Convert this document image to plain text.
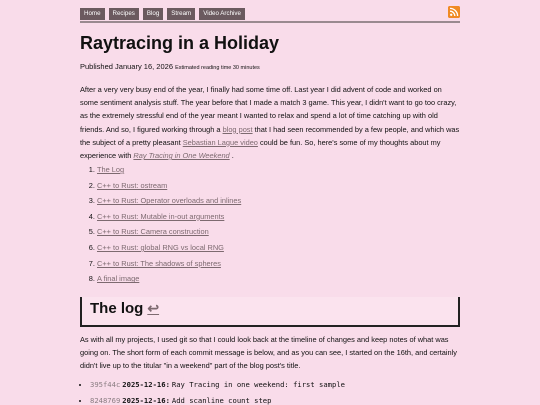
Home	Recipes	Blog	Stream	Video Archive
Raytracing in a Holiday
Published January 16, 2026 Estimated reading time 30 minutes

After a very very busy end of the year, I finally had some time off. Last year I did advent of code and worked on some sentiment analysis stuff. The year before that I made a match 3 game. This year, I didn't want to go too crazy, as the extremely stressful end of the year meant I wanted to relax and spend a lot of time catching up with old friends. And so, I figured working through a blog post that I had seen recommended by a few people, and which was the subject of a pretty pleasant Sebastian Lague video could be fun. So, here's some of my thoughts about my experience with Ray Tracing in One Weekend .

1. The Log
2. C++ to Rust: ostream
3. C++ to Rust: Operator overloads and inlines
4. C++ to Rust: Mutable in-out arguments
5. C++ to Rust: Camera construction
6. C++ to Rust: global RNG vs local RNG
7. C++ to Rust: The shadows of spheres
8. A final image
The log ↩

As with all my projects, I used git so that I could look back at the timeline of changes and keep notes of what was going on. The short form of each commit message is below, and as you can see, I started on the 16th, and certainly didn't live up to the titular "in a weekend" part of the blog post's title.

• 395f44c 2025-12-16: Ray Tracing in one weekend: first sample
• 8248769 2025-12-16: Add scanline count step
